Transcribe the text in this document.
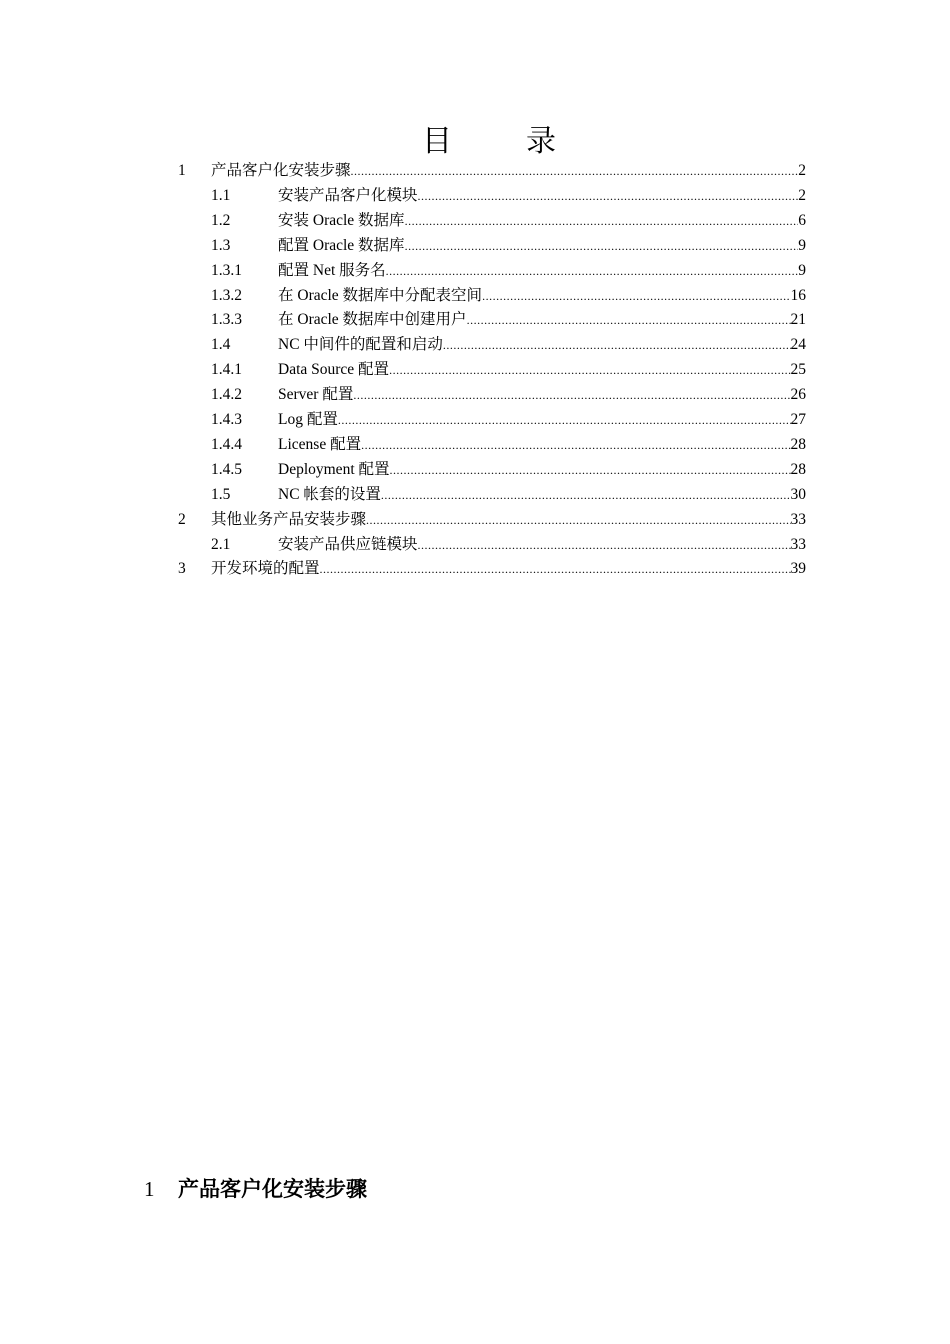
目　录
1 产品客户化安装步骤 .....	2
1.1	安装产品客户化模块 .....	2
1.2	安装 Oracle 数据库 .....	6
1.3	配置 Oracle 数据库 .....	9
1.3.1 配置 Net 服务名 .....	9
1.3.2 在 Oracle 数据库中分配表空间 .....	16
1.3.3 在 Oracle 数据库中创建用户 .....	21
1.4	NC 中间件的配置和启动 .....	24
1.4.1 Data Source 配置 .....	25
1.4.2 Server 配置 .....	26
1.4.3 Log 配置 .....	27
1.4.4 License 配置 .....	28
1.4.5 Deployment 配置 .....	28
1.5	NC 帐套的设置 .....	30
2 其他业务产品安装步骤 .....	33
2.1	安装产品供应链模块 .....	33
3 开发环境的配置 .....	39
1 产品客户化安装步骤
